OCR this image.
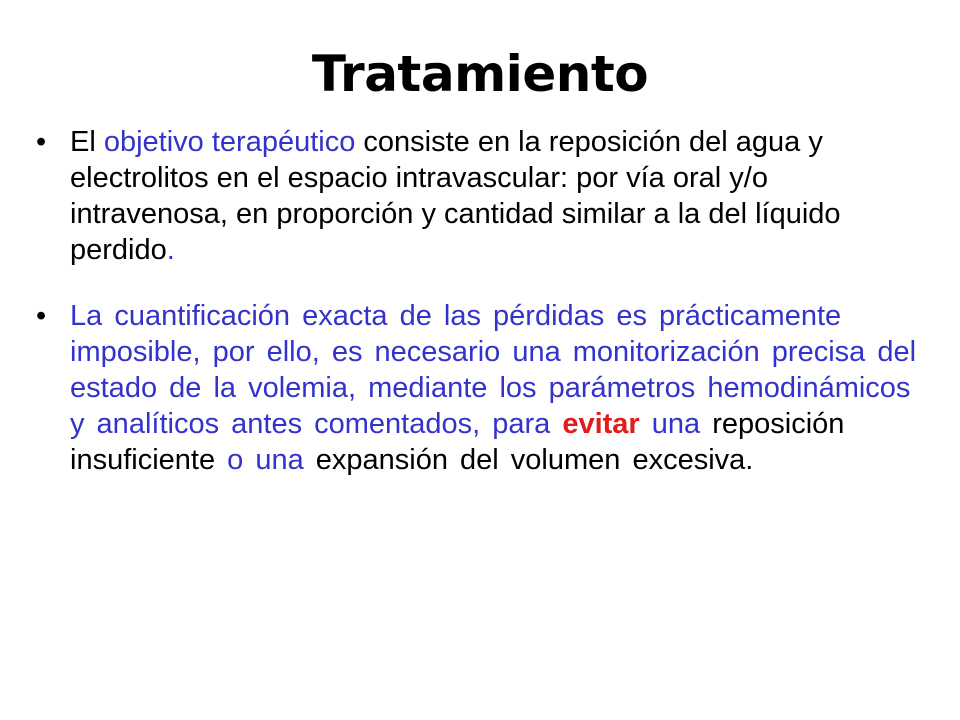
Tratamiento
• El objetivo terapéutico consiste en la reposición del agua y electrolitos en el espacio intravascular: por vía oral y/o intravenosa, en proporción y cantidad similar a la del líquido perdido.
• La cuantificación exacta de las pérdidas es prácticamente imposible, por ello, es necesario una monitorización precisa del estado de la volemia, mediante los parámetros hemodinámicos y analíticos antes comentados, para evitar una reposición insuficiente o una expansión del volumen excesiva.
